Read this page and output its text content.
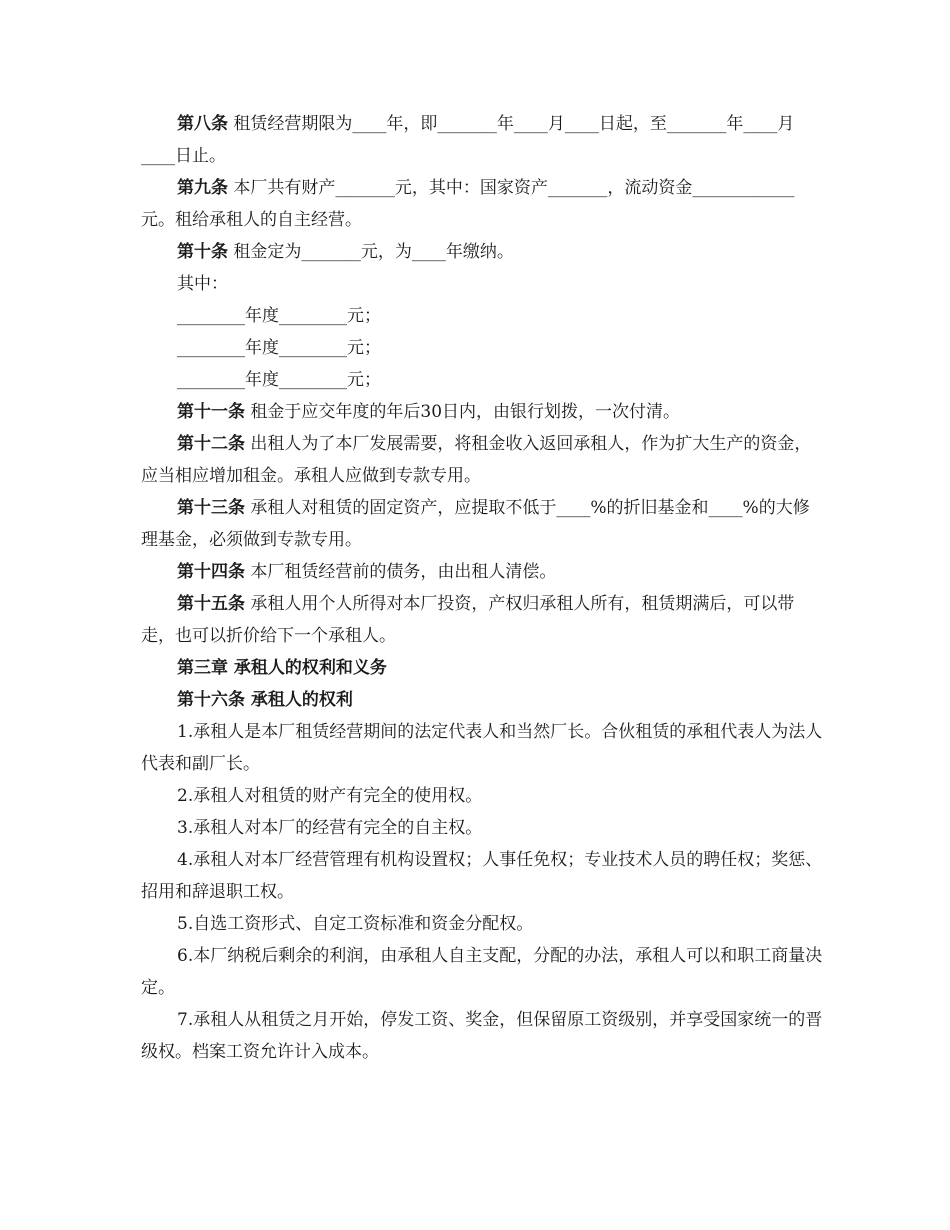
第八条 租赁经营期限为____年，即_______年____月____日起，至_______年____月____日止。

第九条 本厂共有财产_______元，其中：国家资产_______，流动资金____________元。租给承租人的自主经营。

第十条 租金定为_______元，为____年缴纳。

其中：

________年度________元；

________年度________元；

________年度________元；

第十一条 租金于应交年度的年后30日内，由银行划拨，一次付清。

第十二条 出租人为了本厂发展需要，将租金收入返回承租人，作为扩大生产的资金，应当相应增加租金。承租人应做到专款专用。

第十三条 承租人对租赁的固定资产，应提取不低于____%的折旧基金和____%的大修理基金，必须做到专款专用。

第十四条 本厂租赁经营前的债务，由出租人清偿。

第十五条 承租人用个人所得对本厂投资，产权归承租人所有，租赁期满后，可以带走，也可以折价给下一个承租人。

第三章 承租人的权利和义务

第十六条 承租人的权利

1.承租人是本厂租赁经营期间的法定代表人和当然厂长。合伙租赁的承租代表人为法人代表和副厂长。

2.承租人对租赁的财产有完全的使用权。

3.承租人对本厂的经营有完全的自主权。

4.承租人对本厂经营管理有机构设置权；人事任免权；专业技术人员的聘任权；奖惩、招用和辞退职工权。

5.自选工资形式、自定工资标准和资金分配权。

6.本厂纳税后剩余的利润，由承租人自主支配，分配的办法，承租人可以和职工商量决定。

7.承租人从租赁之月开始，停发工资、奖金，但保留原工资级别，并享受国家统一的晋级权。档案工资允许计入成本。
